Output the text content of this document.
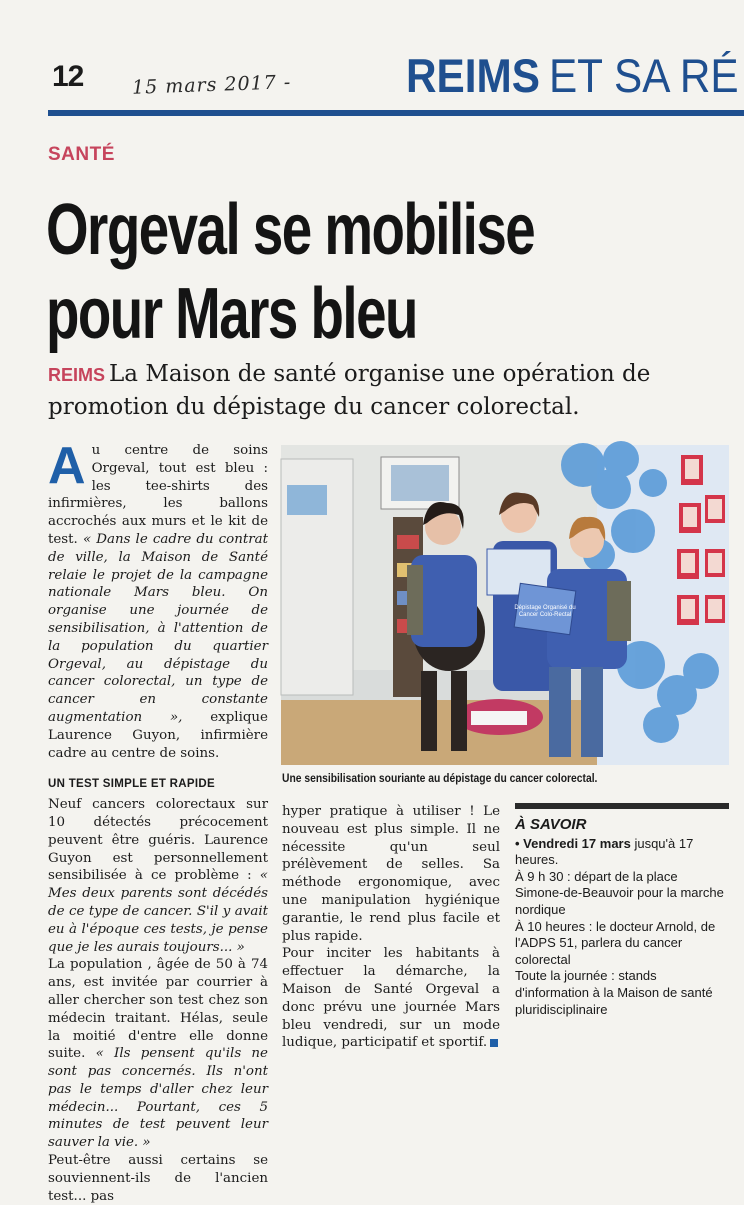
12	15 mars 2017 - REIMS ET SA RÉ
SANTÉ
Orgeval se mobilise
pour Mars bleu
REIMS La Maison de santé organise une opération de promotion du dépistage du cancer colorectal.

Au centre de soins Orgeval, tout est bleu : les tee-shirts des infirmières, les ballons accrochés aux murs et le kit de test. « Dans le cadre du contrat de ville, la Maison de Santé relaie le projet de la campagne nationale Mars bleu. On organise une journée de sensibilisation, à l'attention de la population du quartier Orgeval, au dépistage du cancer colorectal, un type de cancer en constante augmentation », explique Laurence Guyon, infirmière cadre au centre de soins.

UN TEST SIMPLE ET RAPIDE

Neuf cancers colorectaux sur 10 détectés précocement peuvent être guéris. Laurence Guyon est personnellement sensibilisée à ce problème : « Mes deux parents sont décédés de ce type de cancer. S'il y avait eu à l'époque ces tests, je pense que je les aurais toujours... »

La population , âgée de 50 à 74 ans, est invitée par courrier à aller chercher son test chez son médecin traitant. Hélas, seule la moitié d'entre elle donne suite. « Ils pensent qu'ils ne sont pas concernés. Ils n'ont pas le temps d'aller chez leur médecin... Pourtant, ces 5 minutes de test peuvent leur sauver la vie. »

Peut-être aussi certains se souviennent-ils de l'ancien test... pas

Dépistage Organisé du Cancer Colo-Rectal
Une sensibilisation souriante au dépistage du cancer colorectal.

hyper pratique à utiliser ! Le nouveau est plus simple. Il ne nécessite qu'un seul prélèvement de selles. Sa méthode ergonomique, avec une manipulation hygiénique garantie, le rend plus facile et plus rapide.

Pour inciter les habitants à effectuer la démarche, la Maison de Santé Orgeval a donc prévu une journée Mars bleu vendredi, sur un mode ludique, participatif et sportif.

À SAVOIR

• Vendredi 17 mars jusqu'à 17 heures.

À 9 h 30 : départ de la place Simone-de-Beauvoir pour la marche nordique

À 10 heures : le docteur Arnold, de l'ADPS 51, parlera du cancer colorectal

Toute la journée : stands d'information à la Maison de santé pluridisciplinaire
